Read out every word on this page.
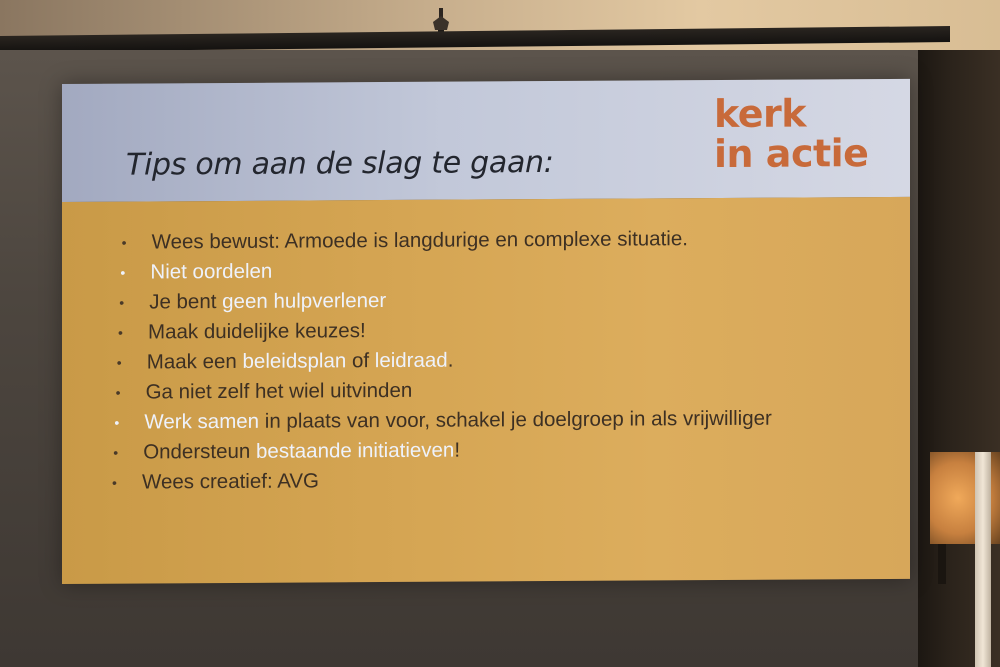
Tips om aan de slag te gaan:
kerk
in actie
• Wees bewust: Armoede is langdurige en complexe situatie.
• Niet oordelen
• Je bent geen hulpverlener
• Maak duidelijke keuzes!
• Maak een beleidsplan of leidraad.
• Ga niet zelf het wiel uitvinden
• Werk samen in plaats van voor, schakel je doelgroep in als vrijwilliger
• Ondersteun bestaande initiatieven!
• Wees creatief: AVG
